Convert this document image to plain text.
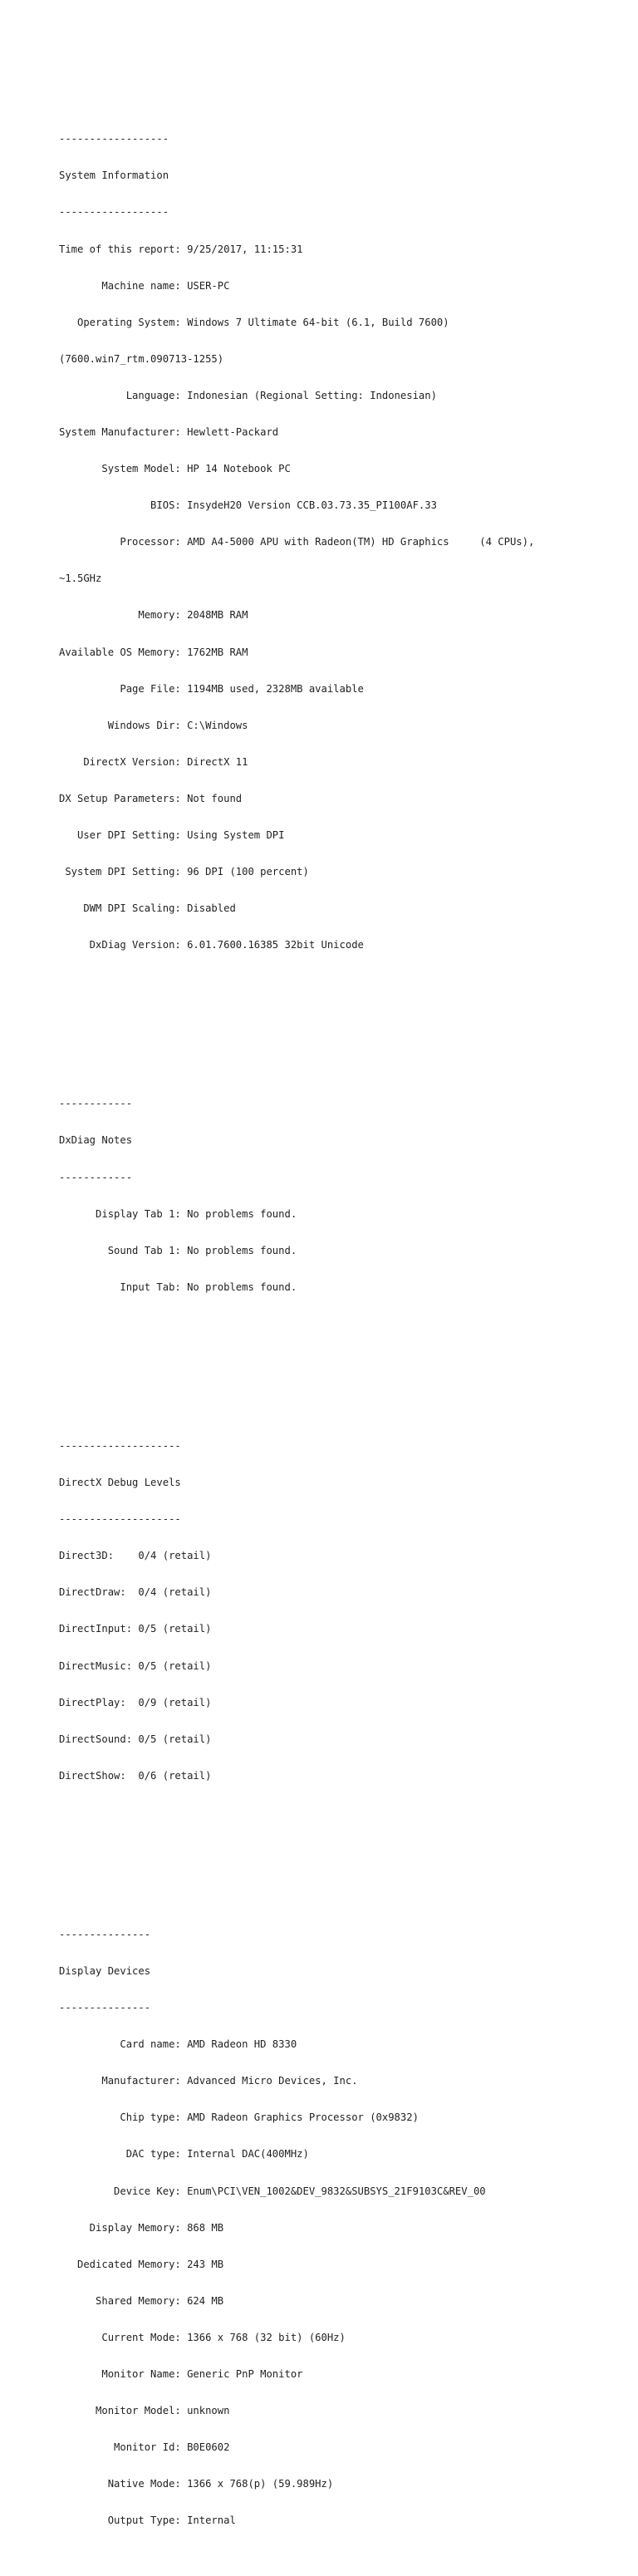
------------------

System Information

------------------

Time of this report: 9/25/2017, 11:15:31

Machine name: USER-PC

Operating System: Windows 7 Ultimate 64-bit (6.1, Build 7600)

(7600.win7_rtm.090713-1255)

Language: Indonesian (Regional Setting: Indonesian)

System Manufacturer: Hewlett-Packard

System Model: HP 14 Notebook PC

BIOS: InsydeH20 Version CCB.03.73.35_PI100AF.33

Processor: AMD A4-5000 APU with Radeon(TM) HD Graphics     (4 CPUs),

~1.5GHz

Memory: 2048MB RAM

Available OS Memory: 1762MB RAM

Page File: 1194MB used, 2328MB available

Windows Dir: C:\Windows

DirectX Version: DirectX 11

DX Setup Parameters: Not found

User DPI Setting: Using System DPI

System DPI Setting: 96 DPI (100 percent)

DWM DPI Scaling: Disabled

DxDiag Version: 6.01.7600.16385 32bit Unicode

------------

DxDiag Notes

------------

Display Tab 1: No problems found.

Sound Tab 1: No problems found.

Input Tab: No problems found.

--------------------

DirectX Debug Levels

--------------------

Direct3D:    0/4 (retail)

DirectDraw:  0/4 (retail)

DirectInput: 0/5 (retail)

DirectMusic: 0/5 (retail)

DirectPlay:  0/9 (retail)

DirectSound: 0/5 (retail)

DirectShow:  0/6 (retail)

---------------

Display Devices

---------------

Card name: AMD Radeon HD 8330

Manufacturer: Advanced Micro Devices, Inc.

Chip type: AMD Radeon Graphics Processor (0x9832)

DAC type: Internal DAC(400MHz)

Device Key: Enum\PCI\VEN_1002&DEV_9832&SUBSYS_21F9103C&REV_00

Display Memory: 868 MB

Dedicated Memory: 243 MB

Shared Memory: 624 MB

Current Mode: 1366 x 768 (32 bit) (60Hz)

Monitor Name: Generic PnP Monitor

Monitor Model: unknown

Monitor Id: B0E0602

Native Mode: 1366 x 768(p) (59.989Hz)

Output Type: Internal
